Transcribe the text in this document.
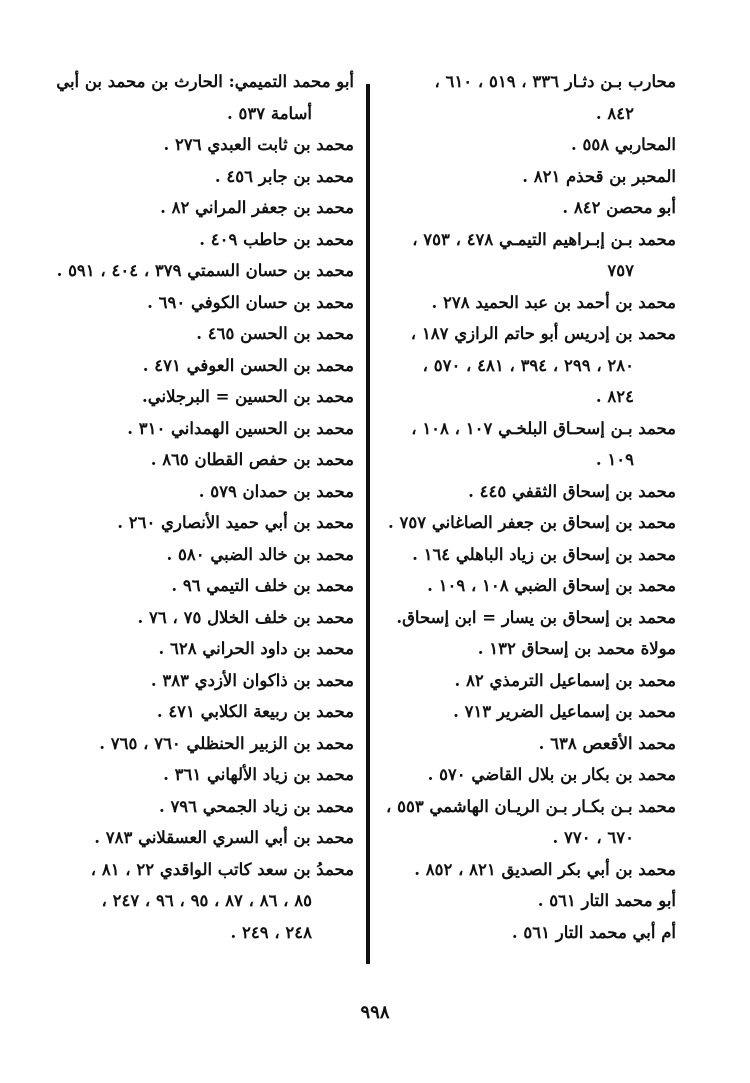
محارب بـن دثـار ٣٣٦ ، ٥١٩ ، ٦١٠ ،
٨٤٢ .
المحاربي ٥٥٨ .
المحبر بن قحذم ٨٢١ .
أبو محصن ٨٤٢ .
محمد بـن إبـراهيم التيمـي ٤٧٨ ، ٧٥٣ ،
٧٥٧
محمد بن أحمد بن عبد الحميد ٢٧٨ .
محمد بن إدريس أبو حاتم الرازي ١٨٧ ،
٢٨٠ ، ٢٩٩ ، ٣٩٤ ، ٤٨١ ، ٥٧٠ ،
٨٢٤ .
محمد بـن إسحـاق البلخـي ١٠٧ ، ١٠٨ ،
١٠٩ .
محمد بن إسحاق الثقفي ٤٤٥ .
محمد بن إسحاق بن جعفر الصاغاني ٧٥٧ .
محمد بن إسحاق بن زياد الباهلي ١٦٤ .
محمد بن إسحاق الضبي ١٠٨ ، ١٠٩ .
محمد بن إسحاق بن يسار = ابن إسحاق.
مولاة محمد بن إسحاق ١٣٢ .
محمد بن إسماعيل الترمذي ٨٢ .
محمد بن إسماعيل الضرير ٧١٣ .
محمد الأقعص ٦٣٨ .
محمد بن بكار بن بلال القاضي ٥٧٠ .
محمد بـن بكـار بـن الريـان الهاشمي ٥٥٣ ،
٦٧٠ ، ٧٧٠ .
محمد بن أبي بكر الصديق ٨٢١ ، ٨٥٢ .
أبو محمد التار ٥٦١ .
أم أبي محمد التار ٥٦١ .
أبو محمد التميمي: الحارث بن محمد بن أبي
أسامة ٥٣٧ .
محمد بن ثابت العبدي ٢٧٦ .
محمد بن جابر ٤٥٦ .
محمد بن جعفر المراني ٨٢ .
محمد بن حاطب ٤٠٩ .
محمد بن حسان السمتي ٣٧٩ ، ٤٠٤ ، ٥٩١ .
محمد بن حسان الكوفي ٦٩٠ .
محمد بن الحسن ٤٦٥ .
محمد بن الحسن العوفي ٤٧١ .
محمد بن الحسين = البرجلاني.
محمد بن الحسين الهمداني ٣١٠ .
محمد بن حفص القطان ٨٦٥ .
محمد بن حمدان ٥٧٩ .
محمد بن أبي حميد الأنصاري ٢٦٠ .
محمد بن خالد الضبي ٥٨٠ .
محمد بن خلف التيمي ٩٦ .
محمد بن خلف الخلال ٧٥ ، ٧٦ .
محمد بن داود الحراني ٦٢٨ .
محمد بن ذاكوان الأزدي ٣٨٣ .
محمد بن ربيعة الكلابي ٤٧١ .
محمد بن الزبير الحنظلي ٧٦٠ ، ٧٦٥ .
محمد بن زياد الألهاني ٣٦١ .
محمد بن زياد الجمحي ٧٩٦ .
محمد بن أبي السري العسقلاني ٧٨٣ .
محمدُ بن سعد كاتب الواقدي ٢٢ ، ٨١ ،
٨٥ ، ٨٦ ، ٨٧ ، ٩٥ ، ٩٦ ، ٢٤٧ ،
٢٤٨ ، ٢٤٩ .
٩٩٨
